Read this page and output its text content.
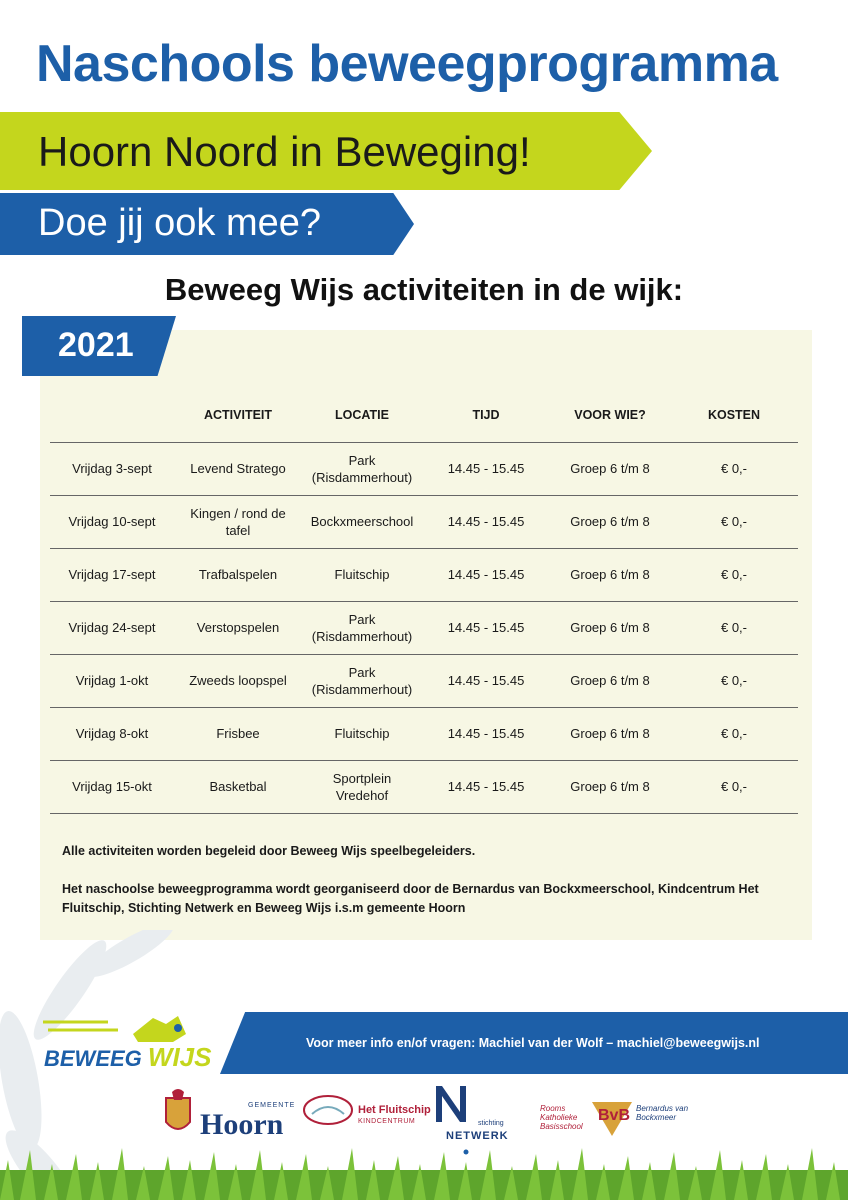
Naschools beweegprogramma
Hoorn Noord in Beweging!
Doe jij ook mee?
Beweeg Wijs activiteiten in de wijk:
2021
	ACTIVITEIT	LOCATIE	TIJD	VOOR WIE?	KOSTEN
Vrijdag 3-sept	Levend Stratego	Park (Risdammerhout)	14.45 - 15.45	Groep 6 t/m 8	€ 0,-
Vrijdag 10-sept	Kingen / rond de tafel	Bockxmeerschool	14.45 - 15.45	Groep 6 t/m 8	€ 0,-
Vrijdag 17-sept	Trafbalspelen	Fluitschip	14.45 - 15.45	Groep 6 t/m 8	€ 0,-
Vrijdag 24-sept	Verstopspelen	Park (Risdammerhout)	14.45 - 15.45	Groep 6 t/m 8	€ 0,-
Vrijdag 1-okt	Zweeds loopspel	Park (Risdammerhout)	14.45 - 15.45	Groep 6 t/m 8	€ 0,-
Vrijdag 8-okt	Frisbee	Fluitschip	14.45 - 15.45	Groep 6 t/m 8	€ 0,-
Vrijdag 15-okt	Basketbal	Sportplein Vredehof	14.45 - 15.45	Groep 6 t/m 8	€ 0,-
Alle activiteiten worden begeleid door Beweeg Wijs speelbegeleiders.
Het naschoolse beweegprogramma wordt georganiseerd door de Bernardus van Bockxmeerschool, Kindcentrum Het Fluitschip, Stichting Netwerk en Beweeg Wijs i.s.m gemeente Hoorn
BEWEEG WIJS	Voor meer info en/of vragen: Machiel van der Wolf – machiel@beweegwijs.nl
GEMEENTE
Hoorn	Het Fluitschip
KINDCENTRUM	stichting
NETWERK
BvB
Rooms Katholieke Basisschool
Bernardus van Bockxmeer
